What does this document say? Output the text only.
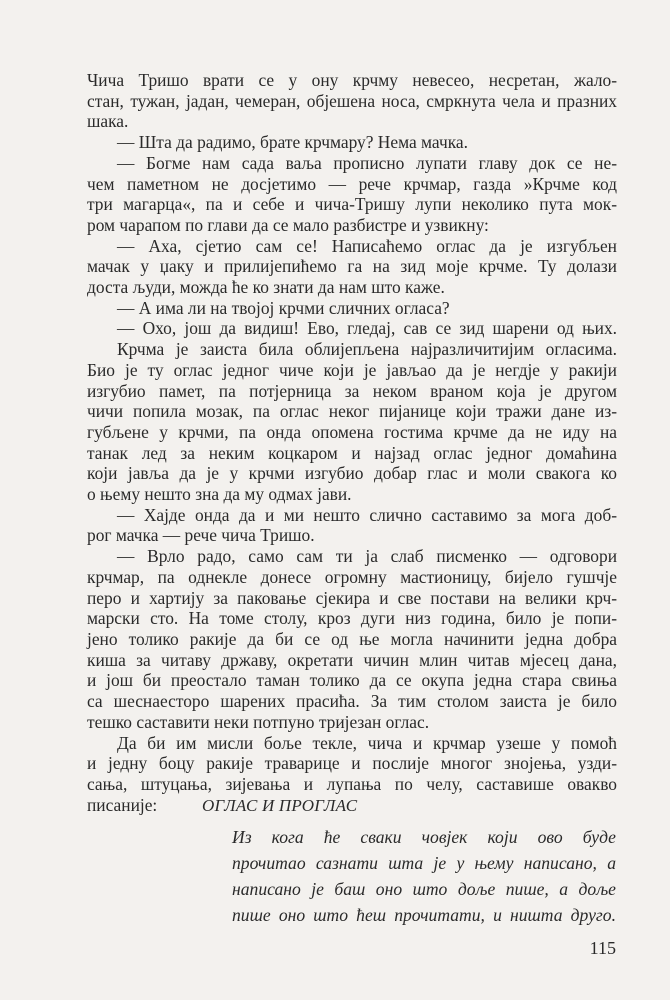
Чича Тришо врати се у ону крчму невесео, несретан, жало-
стан, тужан, јадан, чемеран, објешена носа, смркнута чела и празних
шака.
— Шта да радимо, брате крчмару? Нема мачка.
— Богме нам сада ваља прописно лупати главу док се не-
чем паметном не досјетимо — рече крчмар, газда »Крчме код
три магарца«, па и себе и чича-Тришу лупи неколико пута мок-
ром чарапом по глави да се мало разбистре и узвикну:
— Аха, сјетио сам се! Написаћемо оглас да је изгубљен
мачак у џаку и прилијепићемо га на зид моје крчме. Ту долази
доста људи, можда ће ко знати да нам што каже.
— А има ли на твојој крчми сличних огласа?
— Охо, још да видиш! Ево, гледај, сав се зид шарени од њих.
Крчма је заиста била облијепљена најразличитијим огласима.
Био је ту оглас једног чиче који је јављао да је негдје у ракији
изгубио памет, па потјерница за неком враном која је другом
чичи попила мозак, па оглас неког пијанице који тражи дане из-
губљене у крчми, па онда опомена гостима крчме да не иду на
танак лед за неким коцкаром и најзад оглас једног домаћина
који јавља да је у крчми изгубио добар глас и моли свакога ко
о њему нешто зна да му одмах јави.
— Хајде онда да и ми нешто слично саставимо за мога доб-
рог мачка — рече чича Тришо.
— Врло радо, само сам ти ја слаб писменко — одговори
крчмар, па однекле донесе огромну мастионицу, бијело гушчје
перо и хартију за паковање сјекира и све постави на велики крч-
марски сто. На томе столу, кроз дуги низ година, било је попи-
јено толико ракије да би се од ње могла начинити једна добра
киша за читаву државу, окретати чичин млин читав мјесец дана,
и још би преостало таман толико да се окупа једна стара свиња
са шеснаесторо шарених прасића. За тим столом заиста је било
тешко саставити неки потпуно тријезан оглас.
Да би им мисли боље текле, чича и крчмар узеше у помоћ
и једну боцу ракије траварице и послије многог знојења, узди-
сања, штуцања, зијевања и лупања по челу, саставише овакво
писаније:	ОГЛАС И ПРОГЛАС
Из кога ће сваки човјек који ово буде
прочитао сазнати шта је у њему написано, а
написано је баш оно што доље пише, а доље
пише оно што ћеш прочитати, и ништа друго.
115
